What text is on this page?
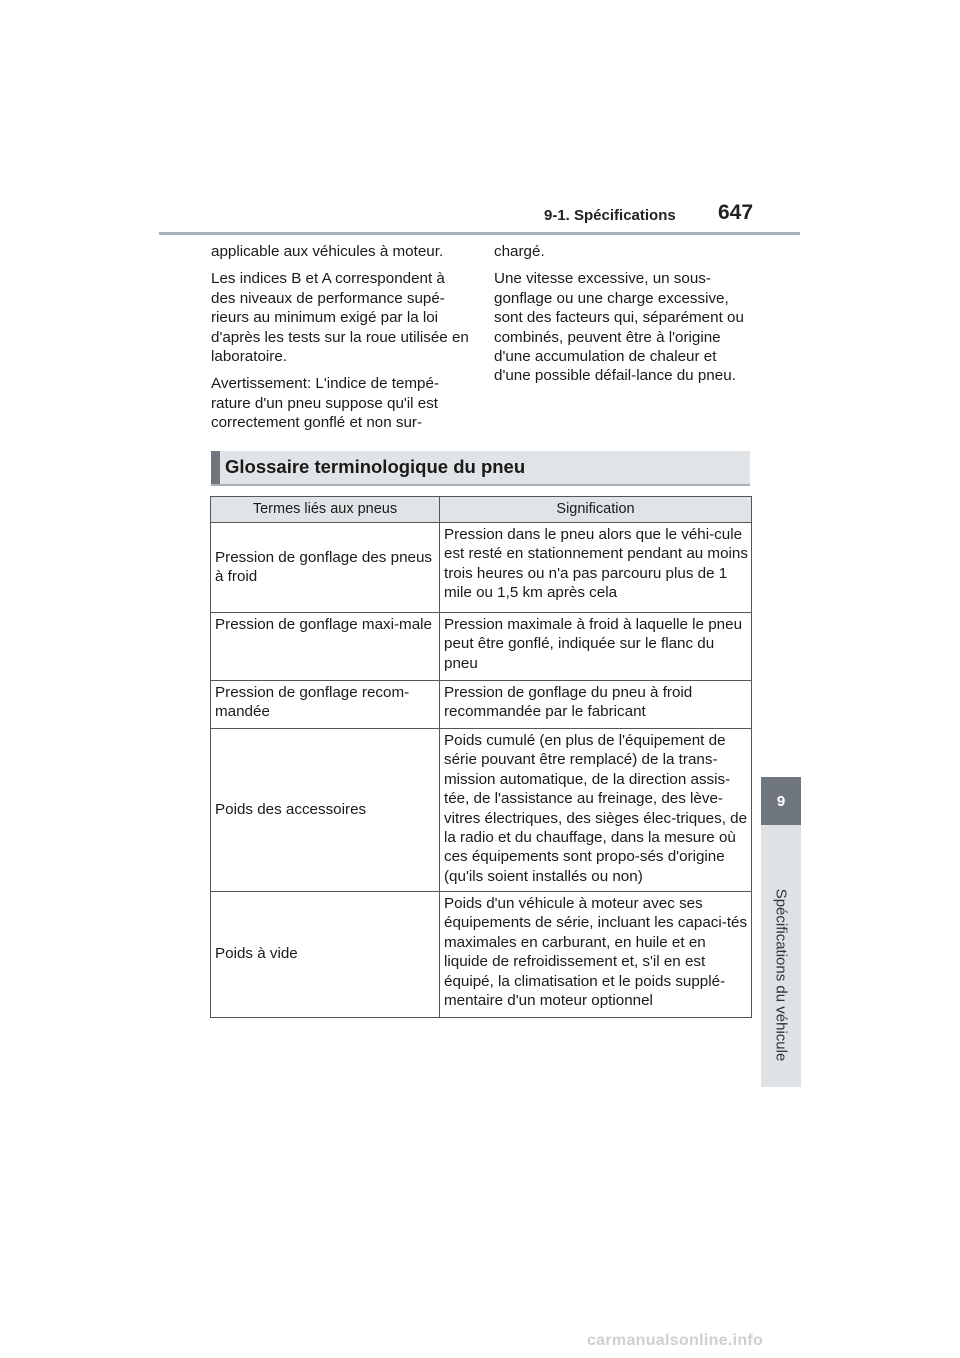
9-1. Spécifications 647

applicable aux véhicules à moteur.

Les indices B et A correspondent à des niveaux de performance supé-rieurs au minimum exigé par la loi d'après les tests sur la roue utilisée en laboratoire.

Avertissement: L'indice de tempé-rature d'un pneu suppose qu'il est correctement gonflé et non sur-

chargé.

Une vitesse excessive, un sous-gonflage ou une charge excessive, sont des facteurs qui, séparément ou combinés, peuvent être à l'origine d'une accumulation de chaleur et d'une possible défail-lance du pneu.

Glossaire terminologique du pneu
Termes liés aux pneus	Signification
Pression de gonflage des pneus à froid	Pression dans le pneu alors que le véhi-cule est resté en stationnement pendant au moins trois heures ou n'a pas parcouru plus de 1 mile ou 1,5 km après cela
Pression de gonflage maxi-male	Pression maximale à froid à laquelle le pneu peut être gonflé, indiquée sur le flanc du pneu
Pression de gonflage recom-mandée	Pression de gonflage du pneu à froid recommandée par le fabricant
Poids des accessoires	Poids cumulé (en plus de l'équipement de série pouvant être remplacé) de la trans-mission automatique, de la direction assis-tée, de l'assistance au freinage, des lève-vitres électriques, des sièges élec-triques, de la radio et du chauffage, dans la mesure où ces équipements sont propo-sés d'origine (qu'ils soient installés ou non)
Poids à vide	Poids d'un véhicule à moteur avec ses équipements de série, incluant les capaci-tés maximales en carburant, en huile et en liquide de refroidissement et, s'il en est équipé, la climatisation et le poids supplé-mentaire d'un moteur optionnel
9
Spécifications du véhicule
carmanualsonline.info
